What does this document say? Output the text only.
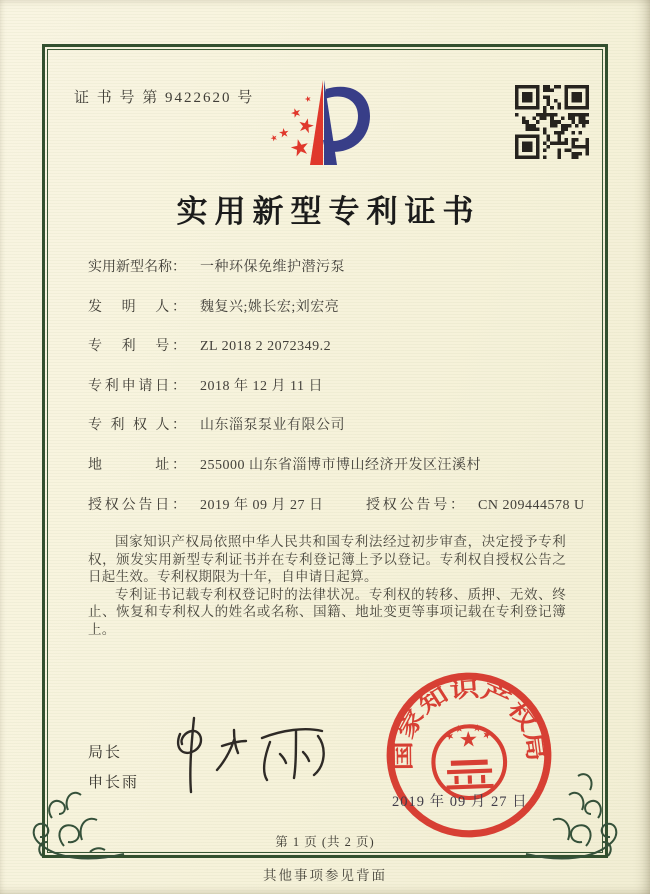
证 书 号 第 9422620 号
实用新型专利证书
实用新型名称： 一种环保免维护潜污泵
发　明　人： 魏复兴;姚长宏;刘宏亮
专　利　号： ZL 2018 2 2072349.2
专利申请日： 2018 年 12 月 11 日
专 利 权 人： 山东淄泵泵业有限公司
地　　　址： 255000 山东省淄博市博山经济开发区汪溪村
授权公告日： 2019 年 09 月 27 日	授权公告号： CN 209444578 U

国家知识产权局依照中华人民共和国专利法经过初步审查，决定授予专利权，颁发实用新型专利证书并在专利登记簿上予以登记。专利权自授权公告之日起生效。专利权期限为十年，自申请日起算。

专利证书记载专利权登记时的法律状况。专利权的转移、质押、无效、终止、恢复和专利权人的姓名或名称、国籍、地址变更等事项记载在专利登记簿上。

局长
申长雨
国家知识产权局
2019 年 09 月 27 日
第 1 页 (共 2 页)
其他事项参见背面
